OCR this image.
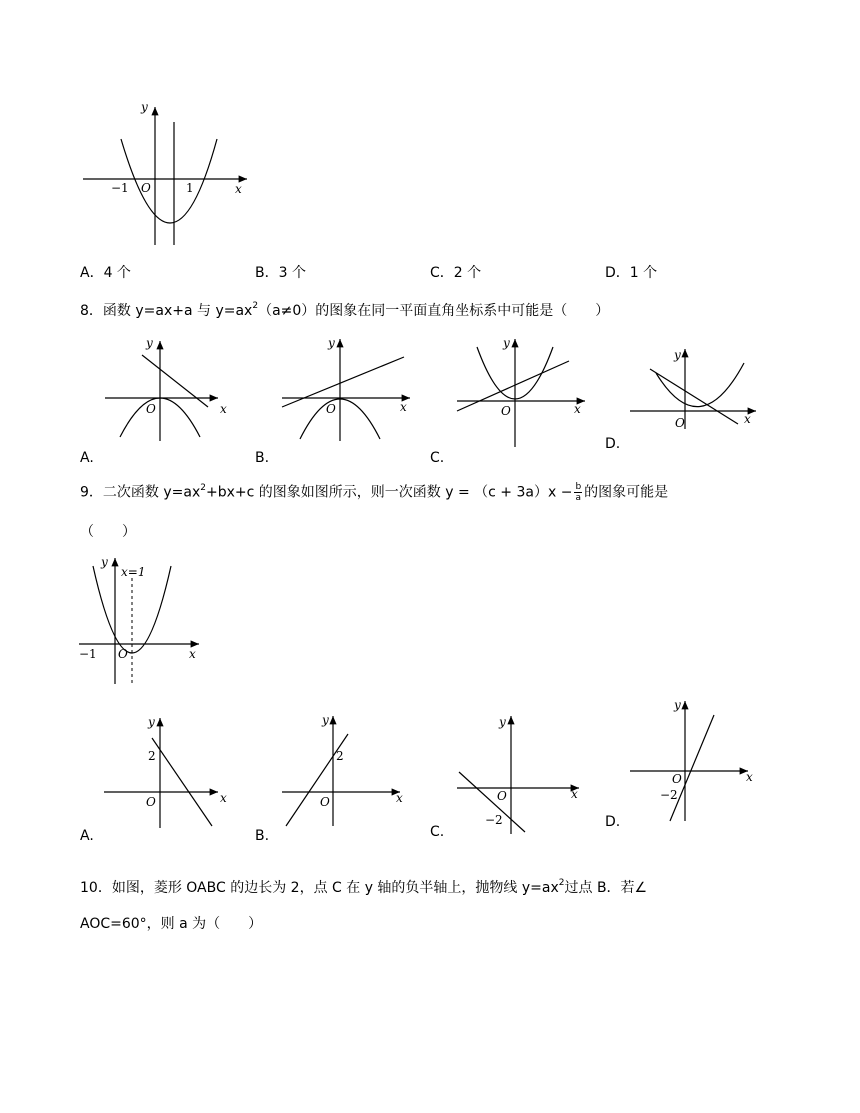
y
x
O
−1	1
A．4 个	B．3 个	C．2 个	D．1 个
8．函数 y=ax+a 与 $y=ax^2(a\ne 0)$的图象在同一平面直角坐标系中可能是（　　）
y
x
O
A.
y
x
O
B.
y
x
O
C.
y
x
O
D.
9．二次函数 $y=ax^2+bx+c$ 的图象如图所示，则一次函数 $y = (c + 3a)x - \frac{b}{a}$ 的图象可能是
（　　）
y
x=1
x
O
−1
y
2
x
O
A.
y
2
x
O
B.
y
x
O
−2
C.
y
x
O
−2
D.
10．如图，菱形 OABC 的边长为 2，点 C 在 y 轴的负半轴上，抛物线 $y=ax^2$过点 B．若∠
AOC=60°，则 a 为（　　）
